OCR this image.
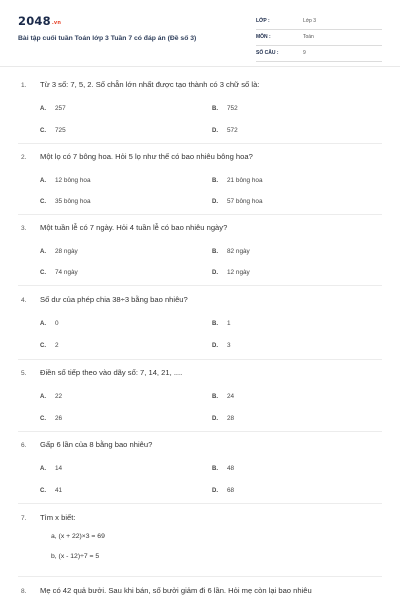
2048.vn
Bài tập cuối tuần Toán lớp 3 Tuần 7 có đáp án (Đề số 3)
LỚP :	Lớp 3
MÔN :	Toán
SỐ CÂU :	9
1. Từ 3 số: 7, 5, 2. Số chẵn lớn nhất được tạo thành có 3 chữ số là:
A. 257	B. 752
C. 725	D. 572
2. Một lọ có 7 bông hoa. Hỏi 5 lọ như thế có bao nhiêu bông hoa?
A. 12 bông hoa	B. 21 bông hoa
C. 35 bông hoa	D. 57 bông hoa
3. Một tuần lễ có 7 ngày. Hỏi 4 tuần lễ có bao nhiêu ngày?
A. 28 ngày	B. 82 ngày
C. 74 ngày	D. 12 ngày
4. Số dư của phép chia 38÷3 bằng bao nhiêu?
A. 0	B. 1
C. 2	D. 3
5. Điền số tiếp theo vào dãy số: 7, 14, 21, ....
A. 22	B. 24
C. 26	D. 28
6. Gấp 6 lần của 8 bằng bao nhiêu?
A. 14	B. 48
C. 41	D. 68
7. Tìm x biết:
a, (x + 22)×3 = 69
b, (x - 12)÷7 = 5
8. Mẹ có 42 quả bưởi. Sau khi bán, số bưởi giảm đi 6 lần. Hỏi mẹ còn lại bao nhiêu
